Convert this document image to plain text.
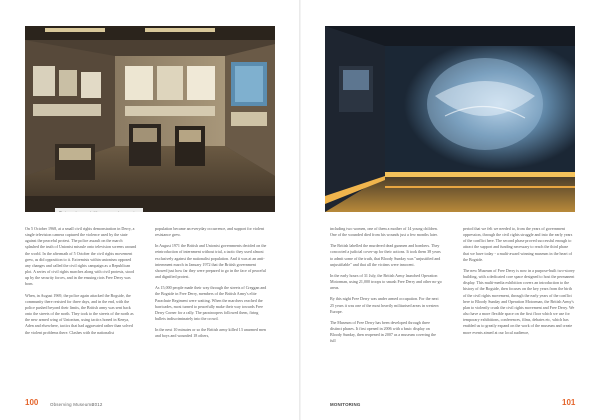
On 5 October 1968, at a small civil rights demonstration in Derry, a single television camera captured the violence used by the state against the peaceful protest. The police assault on the march splashed the truth of Unionist misrule onto television screens around the world. In the aftermath of 5 October the civil rights movement grew, as did opposition to it. Extremists within unionism opposed any changes and called the civil rights campaign as a Republican plot. A series of civil rights marches along with civil protests, stood up by the security forces, and in the ensuing riots Free Derry was born.

When, in August 1969, the police again attacked the Bogside, the community there resisted for three days, and in the end, with the police pushed beyond their limits, the British army was sent back onto the streets of the north. They took to the streets of the north as the new armed wing of Unionism, using tactics honed in Kenya, Aden and elsewhere, tactics that had aggravated rather than solved the violent problems there. Clashes with the nationalist

population became an everyday occurrence, and support for violent resistance grew.

In August 1971 the British and Unionist governments decided on the reintroduction of internment without trial, a tactic they used almost exclusively against the nationalist population. And it was at an anti-internment march in January 1972 that the British government showed just how far they were prepared to go in the face of peaceful and dignified protest.

As 15,000 people made their way through the streets of Creggan and the Bogside in Free Derry, members of the British Army's elite Parachute Regiment were waiting. When the marchers reached the barricades, most turned to peacefully make their way towards Free Derry Corner for a rally. The paratroopers followed them, firing bullets indiscriminately into the crowd.

In the next 10 minutes or so the British army killed 13 unarmed men and boys and wounded 18 others,

100	Observing Museums
2012

including two women, one of them a mother of 14 young children. One of the wounded died from his wounds just a few months later.

The British labelled the murdered dead gunmen and bombers. They concocted a judicial cover-up for their actions. It took them 38 years to admit some of the truth, that Bloody Sunday was "unjustified and unjustifiable" and that all the victims were innocent.

In the early hours of 31 July, the British Army launched Operation Motorman, using 21,000 troops to smash Free Derry and other no-go areas.

By this night Free Derry was under armed occupation. For the next 25 years it was one of the most heavily militarised areas in western Europe.

The Museum of Free Derry has been developed through three distinct phases. It first opened in 2006 with a basic display on Bloody Sunday, then reopened in 2007 as a museum covering the full

period that we felt we needed to, from the years of government oppression, through the civil rights struggle and into the early years of the conflict here. The second phase proved successful enough to attract the support and funding necessary to reach the third phase that we have today - a multi-award winning museum in the heart of the Bogside.

The new Museum of Free Derry is now in a purpose-built two-storey building, with a dedicated core space designed to host the permanent display. This multi-media exhibition covers an introduction to the history of the Bogside, then focuses on the key years from the birth of the civil rights movement, through the early years of the conflict here to Bloody Sunday and Operation Motorman, the British Army's plan to violently crush the civil rights movement and Free Derry. We also have a more flexible space on the first floor which we use for temporary exhibitions, conferences, films, debates etc, which has enabled us to greatly expand on the work of the museum and create more events aimed at our local audience,

MONITORING	101
